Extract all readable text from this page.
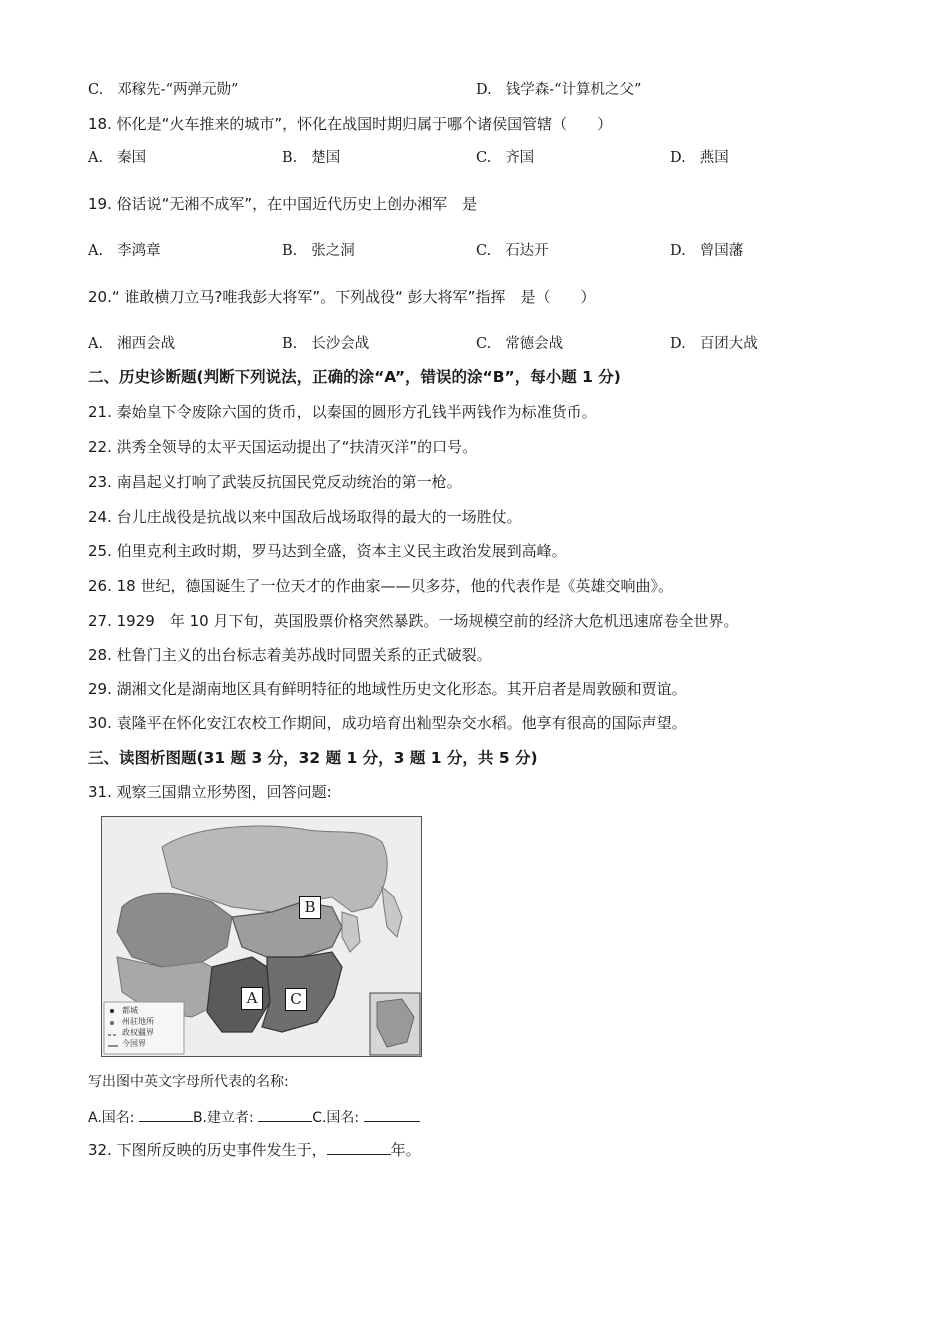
C. 邓稼先-“两弹元勋”	D. 钱学森-“计算机之父”
18. 怀化是“火车推来的城市”，怀化在战国时期归属于哪个诸侯国管辖（　　）
A. 秦国	B. 楚国	C. 齐国	D. 燕国
19. 俗话说“无湘不成军”，在中国近代历史上创办湘军　是
A. 李鸿章	B. 张之洞	C. 石达开	D. 曾国藩
20.“ 谁敢横刀立马?唯我彭大将军”。下列战役“ 彭大将军”指挥　是（　　）
A. 湘西会战	B. 长沙会战	C. 常德会战	D. 百团大战
二、历史诊断题(判断下列说法，正确的涂“A”，错误的涂“B”，每小题 1 分)
21. 秦始皇下令废除六国的货币，以秦国的圆形方孔钱半两钱作为标准货币。
22. 洪秀全领导的太平天国运动提出了“扶清灭洋”的口号。
23. 南昌起义打响了武装反抗国民党反动统治的第一枪。
24. 台儿庄战役是抗战以来中国敌后战场取得的最大的一场胜仗。
25. 伯里克利主政时期，罗马达到全盛，资本主义民主政治发展到高峰。
26. 18 世纪，德国诞生了一位天才的作曲家——贝多芬，他的代表作是《英雄交响曲》。
27. 1929　年 10 月下旬，英国股票价格突然暴跌。一场规模空前的经济大危机迅速席卷全世界。
28. 杜鲁门主义的出台标志着美苏战时同盟关系的正式破裂。
29. 湖湘文化是湖南地区具有鲜明特征的地域性历史文化形态。其开启者是周敦颐和贾谊。
30. 袁隆平在怀化安江农校工作期间，成功培育出籼型杂交水稻。他享有很高的国际声望。
三、读图析图题(31 题 3 分，32 题 1 分，3 题 1 分，共 5 分)
31. 观察三国鼎立形势图，回答问题:
都城
州驻地所
政权疆界
今国界
B
A	C
写出图中英文字母所代表的名称:
A.国名:	B.建立者:	C.国名:
32. 下图所反映的历史事件发生于，	年。
